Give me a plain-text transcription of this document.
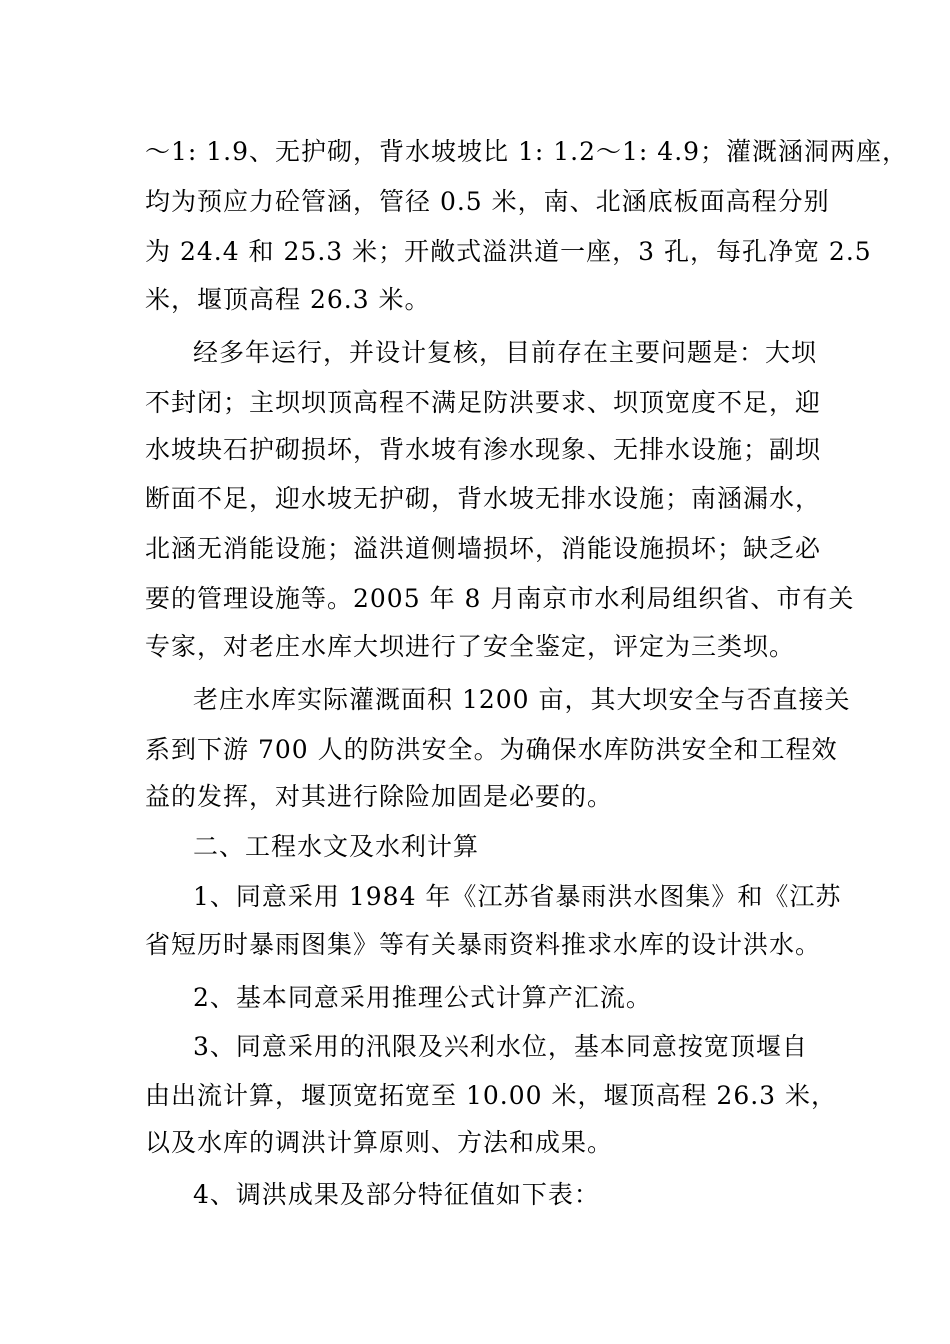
～1: 1.9、无护砌，背水坡坡比 1: 1.2～1: 4.9；灌溉涵洞两座，
均为预应力砼管涵，管径 0.5 米，南、北涵底板面高程分别
为 24.4 和 25.3 米；开敞式溢洪道一座，3 孔，每孔净宽 2.5
米，堰顶高程 26.3 米。
经多年运行，并设计复核，目前存在主要问题是：大坝
不封闭；主坝坝顶高程不满足防洪要求、坝顶宽度不足，迎
水坡块石护砌损坏，背水坡有渗水现象、无排水设施；副坝
断面不足，迎水坡无护砌，背水坡无排水设施；南涵漏水，
北涵无消能设施；溢洪道侧墙损坏，消能设施损坏；缺乏必
要的管理设施等。2005 年 8 月南京市水利局组织省、市有关
专家，对老庄水库大坝进行了安全鉴定，评定为三类坝。
老庄水库实际灌溉面积 1200 亩，其大坝安全与否直接关
系到下游 700 人的防洪安全。为确保水库防洪安全和工程效
益的发挥，对其进行除险加固是必要的。
二、工程水文及水利计算
1、同意采用 1984 年《江苏省暴雨洪水图集》和《江苏
省短历时暴雨图集》等有关暴雨资料推求水库的设计洪水。
2、基本同意采用推理公式计算产汇流。
3、同意采用的汛限及兴利水位，基本同意按宽顶堰自
由出流计算，堰顶宽拓宽至 10.00 米，堰顶高程 26.3 米，
以及水库的调洪计算原则、方法和成果。
4、调洪成果及部分特征值如下表：
